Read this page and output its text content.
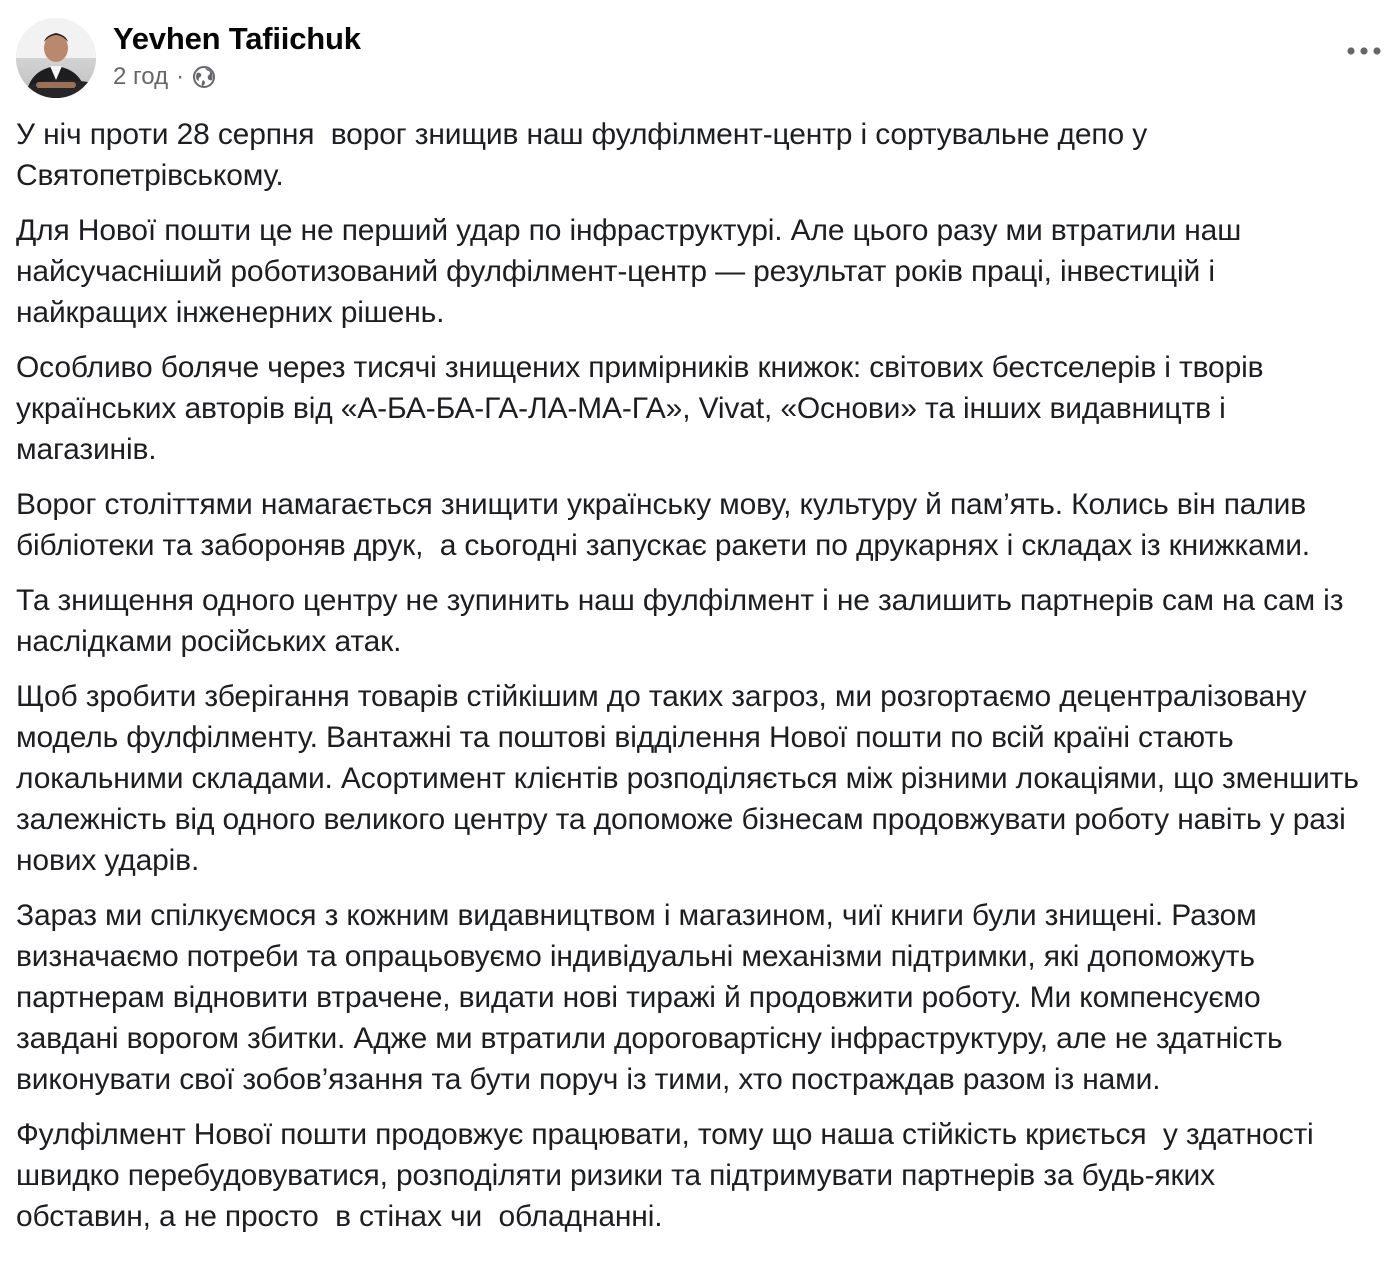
Yevhen Tafiichuk
2 год ·

У ніч проти 28 серпня  ворог знищив наш фулфілмент-центр і сортувальне депо у
Святопетрівському.

Для Нової пошти це не перший удар по інфраструктурі. Але цього разу ми втратили наш
найсучасніший роботизований фулфілмент-центр — результат років праці, інвестицій і
найкращих інженерних рішень.

Особливо боляче через тисячі знищених примірників книжок: світових бестселерів і творів
українських авторів від «А-БА-БА-ГА-ЛА-МА-ГА», Vivat, «Основи» та інших видавництв і
магазинів.

Ворог століттями намагається знищити українську мову, культуру й пам’ять. Колись він палив
бібліотеки та забороняв друк,  а сьогодні запускає ракети по друкарнях і складах із книжками.

Та знищення одного центру не зупинить наш фулфілмент і не залишить партнерів сам на сам із
наслідками російських атак.

Щоб зробити зберігання товарів стійкішим до таких загроз, ми розгортаємо децентралізовану
модель фулфілменту. Вантажні та поштові відділення Нової пошти по всій країні стають
локальними складами. Асортимент клієнтів розподіляється між різними локаціями, що зменшить
залежність від одного великого центру та допоможе бізнесам продовжувати роботу навіть у разі
нових ударів.

Зараз ми спілкуємося з кожним видавництвом і магазином, чиї книги були знищені. Разом
визначаємо потреби та опрацьовуємо індивідуальні механізми підтримки, які допоможуть
партнерам відновити втрачене, видати нові тиражі й продовжити роботу. Ми компенсуємо
завдані ворогом збитки. Адже ми втратили дороговартісну інфраструктуру, але не здатність
виконувати свої зобов’язання та бути поруч із тими, хто постраждав разом із нами.

Фулфілмент Нової пошти продовжує працювати, тому що наша стійкість криється  у здатності
швидко перебудовуватися, розподіляти ризики та підтримувати партнерів за будь-яких
обставин, а не просто  в стінах чи  обладнанні.
